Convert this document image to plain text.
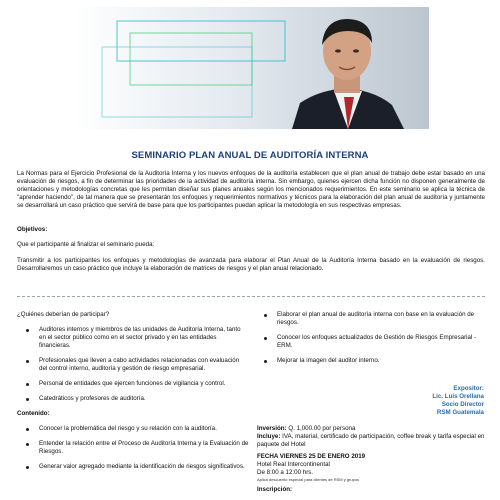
SEMINARIO PLAN ANUAL DE AUDITORÍA INTERNA
La Normas para el Ejercicio Profesional de la Auditoría Interna y los nuevos enfoques de la auditoría establecen que el plan anual de trabajo debe estar basado en una evaluación de riesgos, a fin de determinar las prioridades de la actividad de auditoría interna. Sin embargo, quienes ejercen dicha función no disponen generalmente de orientaciones y metodologías concretas que les permitan diseñar sus planes anuales según los mencionados requerimientos. En este seminario se aplica la técnica de "aprender haciendo", de tal manera que se presentarán los enfoques y requerimientos normativos y técnicos para la elaboración del plan anual de auditoría y juntamente se desarrollará un caso práctico que servirá de base para que los participantes puedan aplicar la metodología en sus respectivas empresas.
Objetivos:
Que el participante al finalizar el seminario pueda:
Transmitir a los participantes los enfoques y metodologías de avanzada para elaborar el Plan Anual de la Auditoría Interna basado en la evaluación de riesgos. Desarrollaremos un caso práctico que incluye la elaboración de matrices de riesgos y el plan anual relacionado.
¿Quiénes deberían de participar?
Auditores internos y miembros de las unidades de Auditoría Interna, tanto en el sector público como en el sector privado y en las entidades financieras.
Profesionales que lleven a cabo actividades relacionadas con evaluación del control interno, auditoría y gestión de riesgo empresarial.
Personal de entidades que ejercen funciones de vigilancia y control.
Catedráticos y profesores de auditoría.
Contenido:
Conocer la problemática del riesgo y su relación con la auditoría.
Entender la relación entre el Proceso de Auditoría Interna y la Evaluación de Riesgos.
Generar valor agregado mediante la identificación de riesgos significativos.
Elaborar el plan anual de auditoría interna con base en la evaluación de riesgos.
Conocer los enfoques actualizados de Gestión de Riesgos Empresarial - ERM.
Mejorar la imagen del auditor interno.
Expositor:
Lic. Luis Orellana
Socio Director
RSM Guatemala
Inversión: Q. 1,000.00 por persona
Incluye: IVA, material, certificado de participación, coffee break y tarifa especial en paquete del Hotel
FECHA VIERNES 25 DE ENERO 2019
Hotel Real Intercontinental
De 8:00 a 12:00 hrs.
Aplica descuento especial para clientes de RSM y grupos
Inscripción:
